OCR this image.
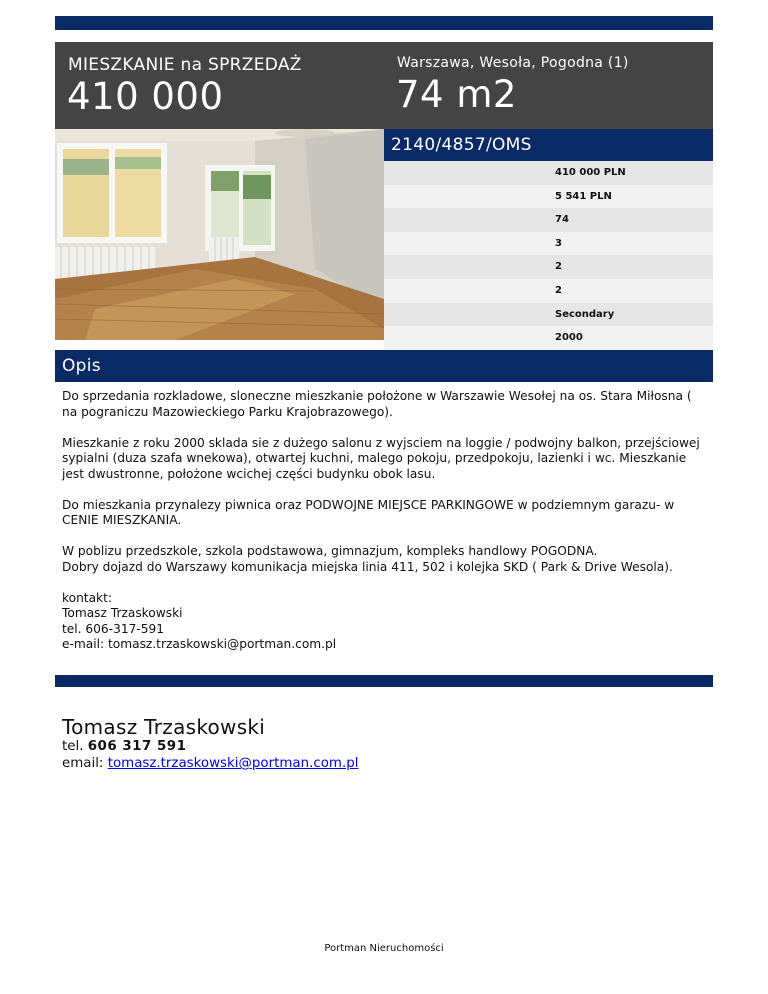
MIESZKANIE na SPRZEDAŻ
410 000
Warszawa, Wesoła, Pogodna (1)
74 m2
2140/4857/OMS
410 000 PLN
5 541 PLN
74
3
2
2
Secondary
2000
Opis

Do sprzedania rozkladowe, sloneczne mieszkanie położone w Warszawie Wesołej na os. Stara Miłosna ( na pograniczu Mazowieckiego Parku Krajobrazowego).

Mieszkanie z roku 2000 sklada sie z dużego salonu z wyjsciem na loggie / podwojny balkon, przejściowej sypialni (duza szafa wnekowa), otwartej kuchni, malego pokoju, przedpokoju, lazienki i wc. Mieszkanie jest dwustronne, położone wcichej części budynku obok lasu.

Do mieszkania przynalezy piwnica oraz PODWOJNE MIEJSCE PARKINGOWE w podziemnym garazu- w CENIE MIESZKANIA.

W poblizu przedszkole, szkola podstawowa, gimnazjum, kompleks handlowy POGODNA.
Dobry dojazd do Warszawy komunikacja miejska linia 411, 502 i kolejka SKD ( Park & Drive Wesola).

kontakt:
Tomasz Trzaskowski
tel. 606-317-591
e-mail: tomasz.trzaskowski@portman.com.pl

Tomasz Trzaskowski
tel. 606 317 591
email: tomasz.trzaskowski@portman.com.pl
Portman Nieruchomości
